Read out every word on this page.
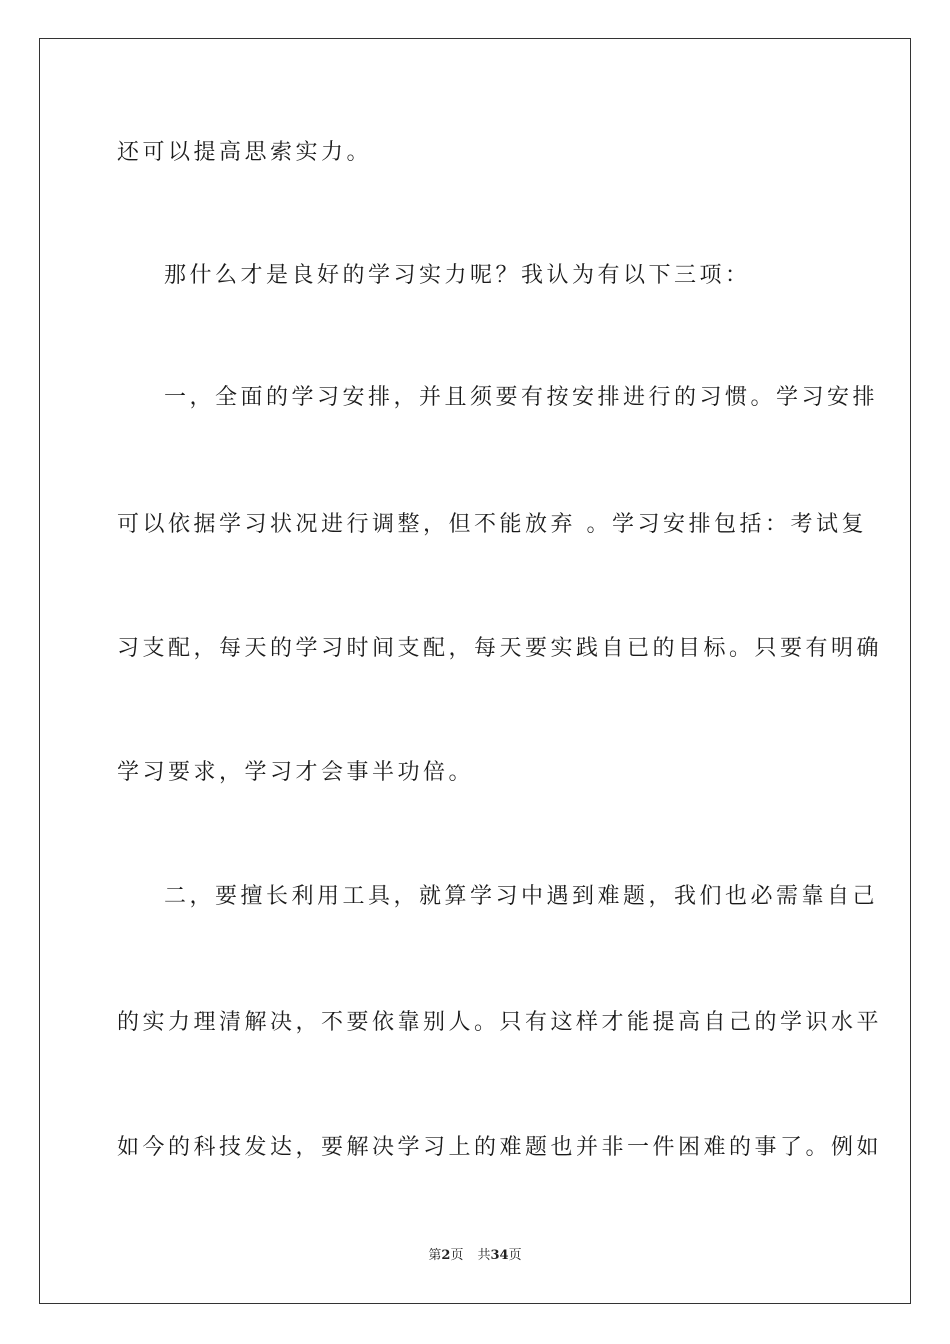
还可以提高思索实力。
那什么才是良好的学习实力呢？我认为有以下三项：
一，全面的学习安排，并且须要有按安排进行的习惯。学习安排
可以依据学习状况进行调整，但不能放弃 。学习安排包括：考试复
习支配，每天的学习时间支配，每天要实践自已的目标。只要有明确
学习要求，学习才会事半功倍。
二，要擅长利用工具，就算学习中遇到难题，我们也必需靠自己
的实力理清解决，不要依靠别人。只有这样才能提高自己的学识水平
如今的科技发达，要解决学习上的难题也并非一件困难的事了。例如
第2页 共34页
